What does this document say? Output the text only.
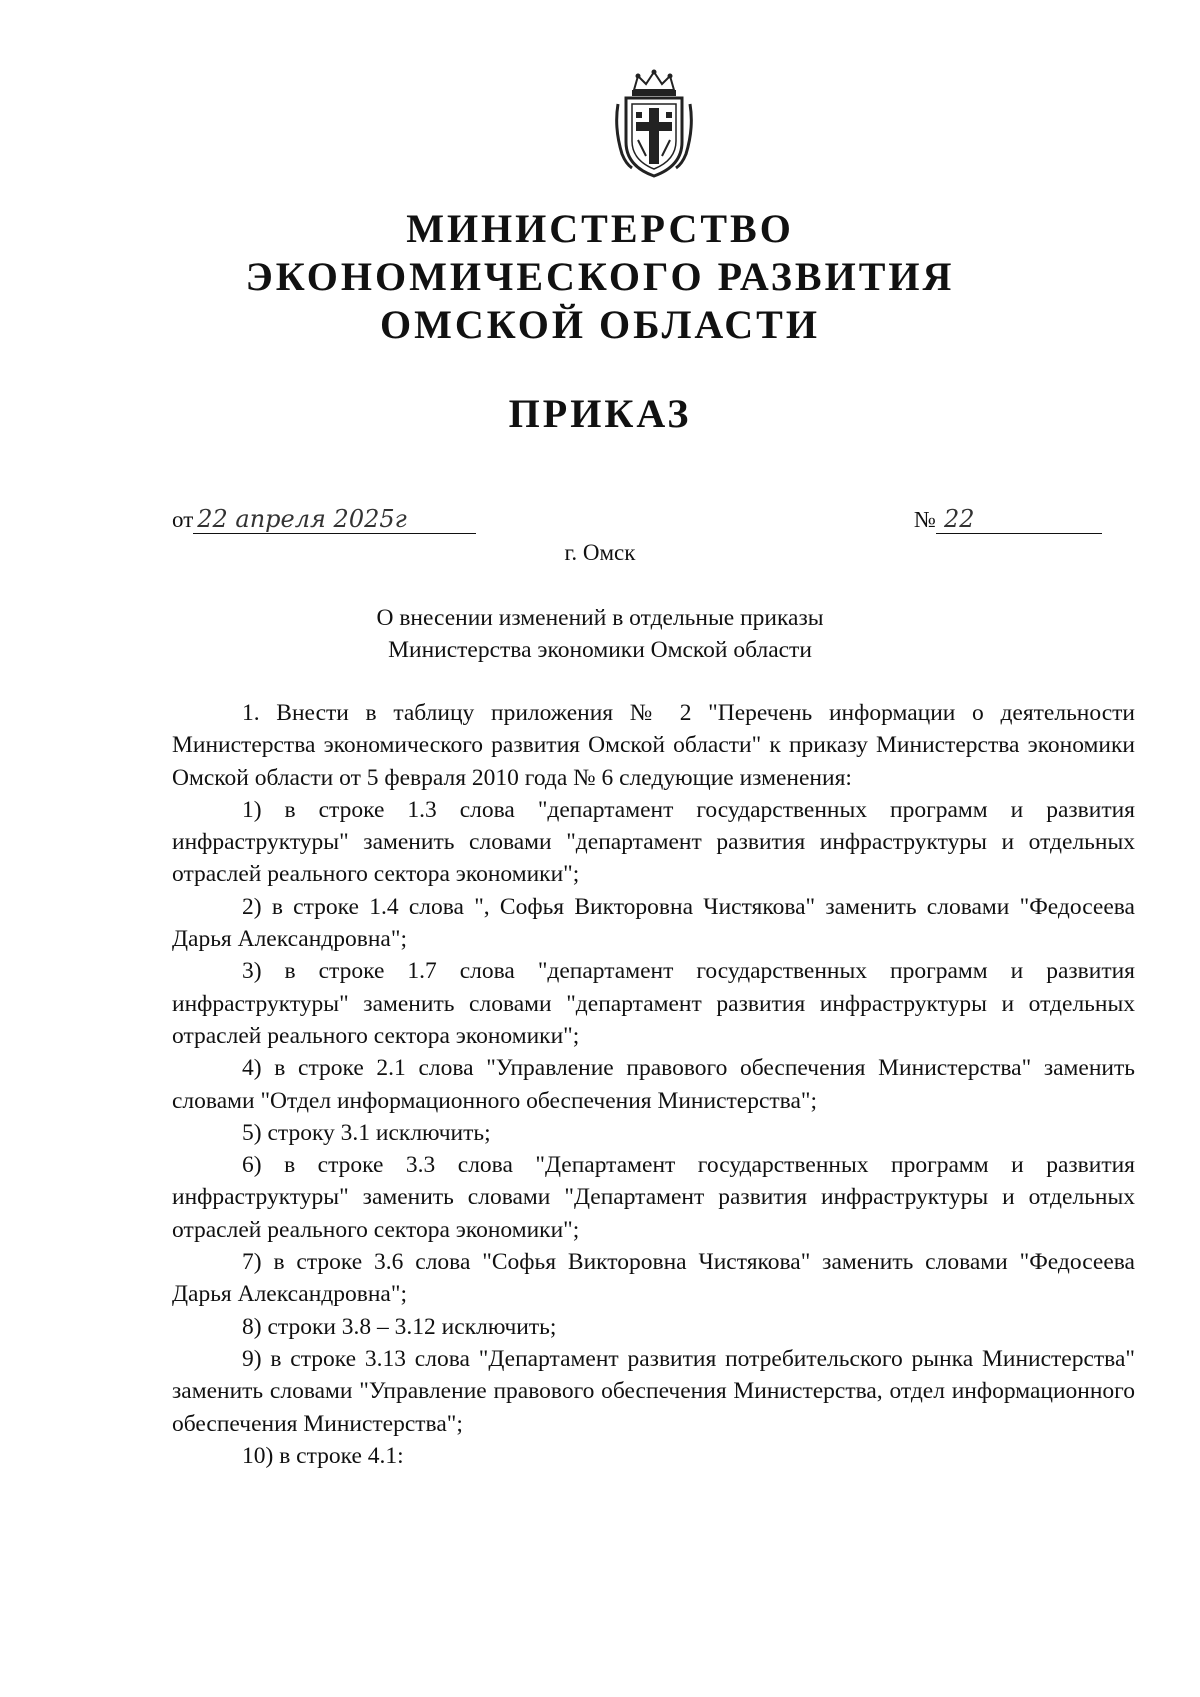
МИНИСТЕРСТВО
ЭКОНОМИЧЕСКОГО РАЗВИТИЯ
ОМСКОЙ ОБЛАСТИ
ПРИКАЗ
от 22 апреля 2025г	№ 22
г. Омск
О внесении изменений в отдельные приказы
Министерства экономики Омской области

1. Внести в таблицу приложения № 2 "Перечень информации о деятельности Министерства экономического развития Омской области" к приказу Министерства экономики Омской области от 5 февраля 2010 года № 6 следующие изменения:

1) в строке 1.3 слова "департамент государственных программ и развития инфраструктуры" заменить словами "департамент развития инфраструктуры и отдельных отраслей реального сектора экономики";

2) в строке 1.4 слова ", Софья Викторовна Чистякова" заменить словами "Федосеева Дарья Александровна";

3) в строке 1.7 слова "департамент государственных программ и развития инфраструктуры" заменить словами "департамент развития инфраструктуры и отдельных отраслей реального сектора экономики";

4) в строке 2.1 слова "Управление правового обеспечения Министерства" заменить словами "Отдел информационного обеспечения Министерства";

5) строку 3.1 исключить;

6) в строке 3.3 слова "Департамент государственных программ и развития инфраструктуры" заменить словами "Департамент развития инфраструктуры и отдельных отраслей реального сектора экономики";

7) в строке 3.6 слова "Софья Викторовна Чистякова" заменить словами "Федосеева Дарья Александровна";

8) строки 3.8 – 3.12 исключить;

9) в строке 3.13 слова "Департамент развития потребительского рынка Министерства" заменить словами "Управление правового обеспечения Министерства, отдел информационного обеспечения Министерства";

10) в строке 4.1:
